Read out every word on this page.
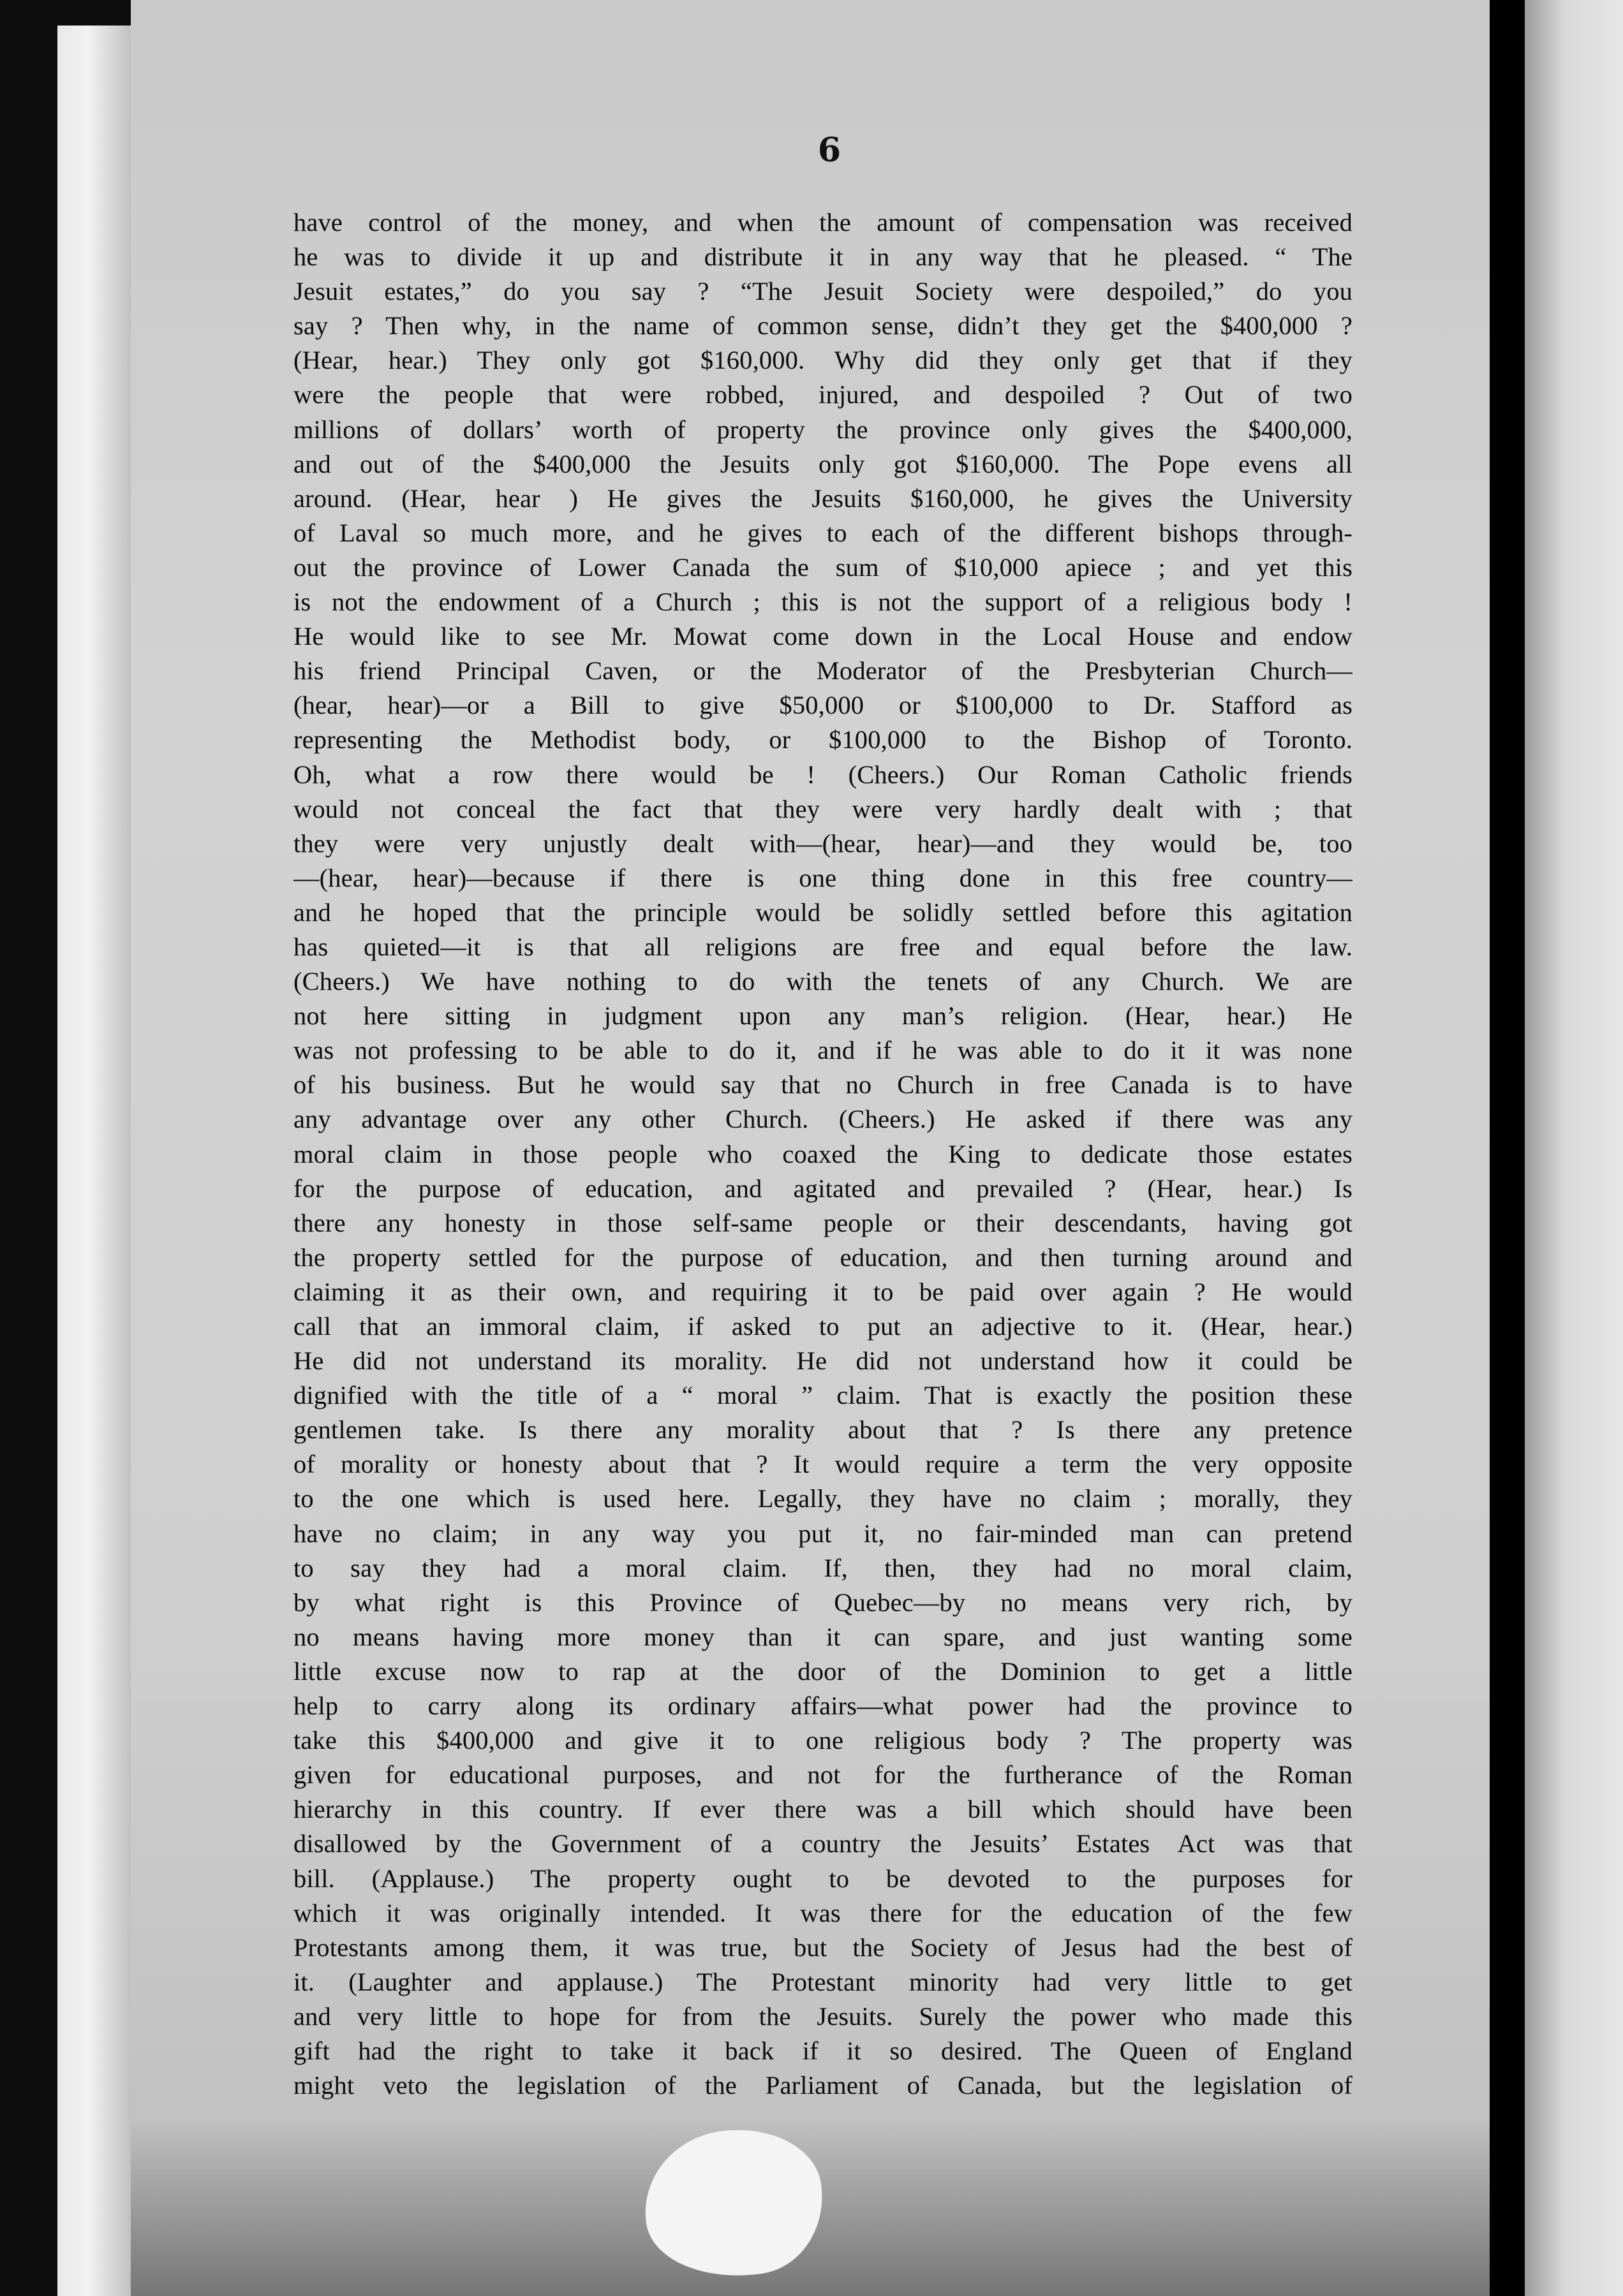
6
have control of the money, and when the amount of compensation was received
he was to divide it up and distribute it in any way that he pleased. “ The
Jesuit estates,” do you say ? “The Jesuit Society were despoiled,” do you
say ? Then why, in the name of common sense, didn’t they get the $400,000 ?
(Hear, hear.) They only got $160,000. Why did they only get that if they
were the people that were robbed, injured, and despoiled ? Out of two
millions of dollars’ worth of property the province only gives the $400,000,
and out of the $400,000 the Jesuits only got $160,000. The Pope evens all
around. (Hear, hear ) He gives the Jesuits $160,000, he gives the University
of Laval so much more, and he gives to each of the different bishops through-
out the province of Lower Canada the sum of $10,000 apiece ; and yet this
is not the endowment of a Church ; this is not the support of a religious body !
He would like to see Mr. Mowat come down in the Local House and endow
his friend Principal Caven, or the Moderator of the Presbyterian Church—
(hear, hear)—or a Bill to give $50,000 or $100,000 to Dr. Stafford as
representing the Methodist body, or $100,000 to the Bishop of Toronto.
Oh, what a row there would be ! (Cheers.) Our Roman Catholic friends
would not conceal the fact that they were very hardly dealt with ; that
they were very unjustly dealt with—(hear, hear)—and they would be, too
—(hear, hear)—because if there is one thing done in this free country—
and he hoped that the principle would be solidly settled before this agitation
has quieted—it is that all religions are free and equal before the law.
(Cheers.) We have nothing to do with the tenets of any Church. We are
not here sitting in judgment upon any man’s religion. (Hear, hear.) He
was not professing to be able to do it, and if he was able to do it it was none
of his business. But he would say that no Church in free Canada is to have
any advantage over any other Church. (Cheers.) He asked if there was any
moral claim in those people who coaxed the King to dedicate those estates
for the purpose of education, and agitated and prevailed ? (Hear, hear.) Is
there any honesty in those self-same people or their descendants, having got
the property settled for the purpose of education, and then turning around and
claiming it as their own, and requiring it to be paid over again ? He would
call that an immoral claim, if asked to put an adjective to it. (Hear, hear.)
He did not understand its morality. He did not understand how it could be
dignified with the title of a “ moral ” claim. That is exactly the position these
gentlemen take. Is there any morality about that ? Is there any pretence
of morality or honesty about that ? It would require a term the very opposite
to the one which is used here. Legally, they have no claim ; morally, they
have no claim; in any way you put it, no fair-minded man can pretend
to say they had a moral claim. If, then, they had no moral claim,
by what right is this Province of Quebec—by no means very rich, by
no means having more money than it can spare, and just wanting some
little excuse now to rap at the door of the Dominion to get a little
help to carry along its ordinary affairs—what power had the province to
take this $400,000 and give it to one religious body ? The property was
given for educational purposes, and not for the furtherance of the Roman
hierarchy in this country. If ever there was a bill which should have been
disallowed by the Government of a country the Jesuits’ Estates Act was that
bill. (Applause.) The property ought to be devoted to the purposes for
which it was originally intended. It was there for the education of the few
Protestants among them, it was true, but the Society of Jesus had the best of
it. (Laughter and applause.) The Protestant minority had very little to get
and very little to hope for from the Jesuits. Surely the power who made this
gift had the right to take it back if it so desired. The Queen of England
might veto the legislation of the Parliament of Canada, but the legislation of
